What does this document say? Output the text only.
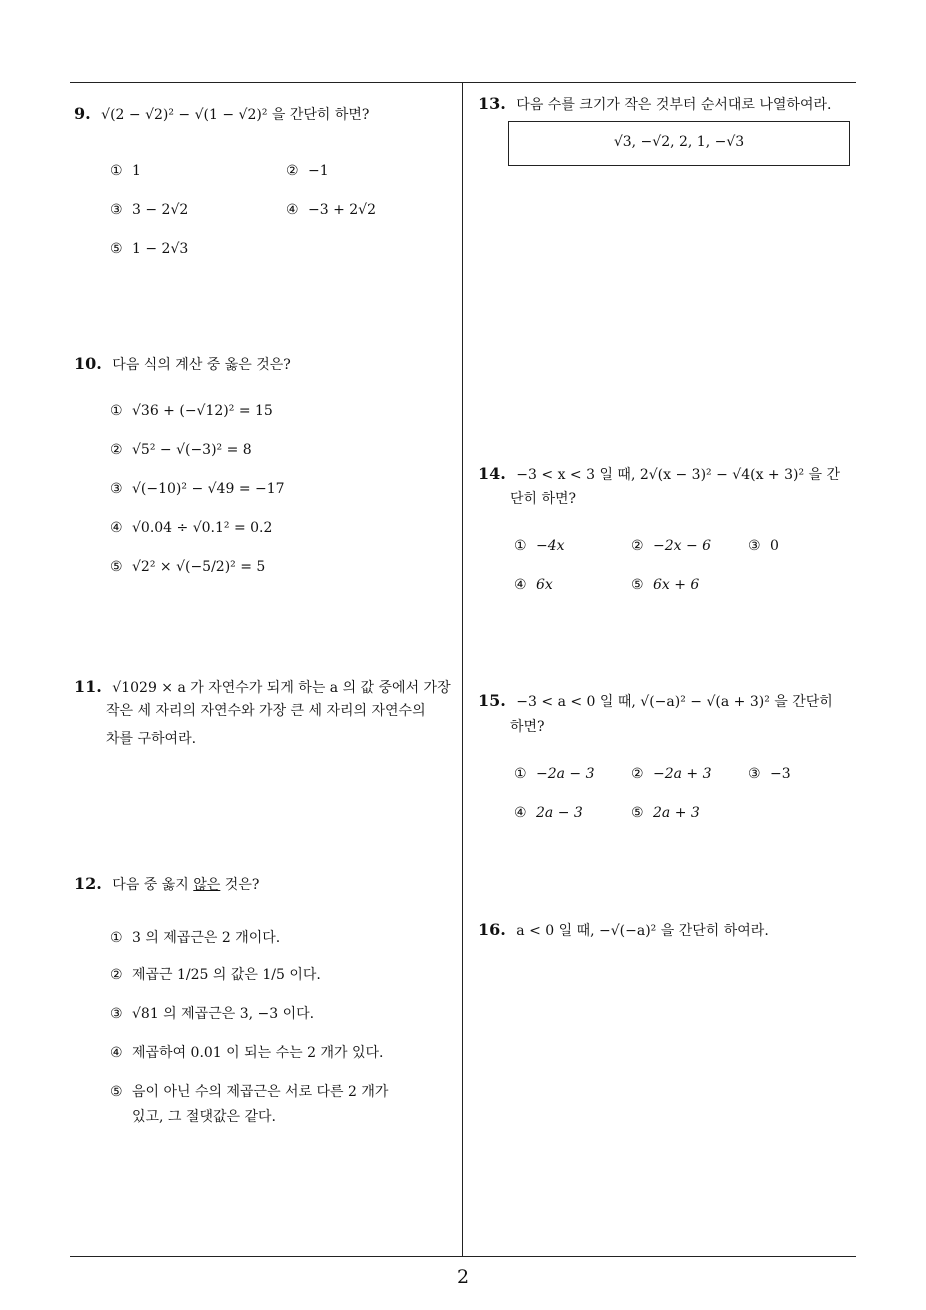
9. √(2 − √2)² − √(1 − √2)² 을 간단히 하면?
① 1	② −1
③ 3 − 2√2	④ −3 + 2√2
⑤ 1 − 2√3
10. 다음 식의 계산 중 옳은 것은?
① √36 + (−√12)² = 15
② √5² − √(−3)² = 8
③ √(−10)² − √49 = −17
④ √0.04 ÷ √0.1² = 0.2
⑤ √2² × √(−5/2)² = 5
11. √1029 × a 가 자연수가 되게 하는 a 의 값 중에서 가장
작은 세 자리의 자연수와 가장 큰 세 자리의 자연수의
차를 구하여라.
12. 다음 중 옳지 않은 것은?
① 3 의 제곱근은 2 개이다.
② 제곱근 1/25 의 값은 1/5 이다.
③ √81 의 제곱근은 3, −3 이다.
④ 제곱하여 0.01 이 되는 수는 2 개가 있다.
⑤ 음이 아닌 수의 제곱근은 서로 다른 2 개가
있고, 그 절댓값은 같다.
13. 다음 수를 크기가 작은 것부터 순서대로 나열하여라.
√3, −√2, 2, 1, −√3
14. −3 < x < 3 일 때, 2√(x − 3)² − √4(x + 3)² 을 간
단히 하면?
① −4x	② −2x − 6	③ 0
④ 6x	⑤ 6x + 6
15. −3 < a < 0 일 때, √(−a)² − √(a + 3)² 을 간단히
하면?
① −2a − 3	② −2a + 3	③ −3
④ 2a − 3	⑤ 2a + 3
16. a < 0 일 때, −√(−a)² 을 간단히 하여라.
2
